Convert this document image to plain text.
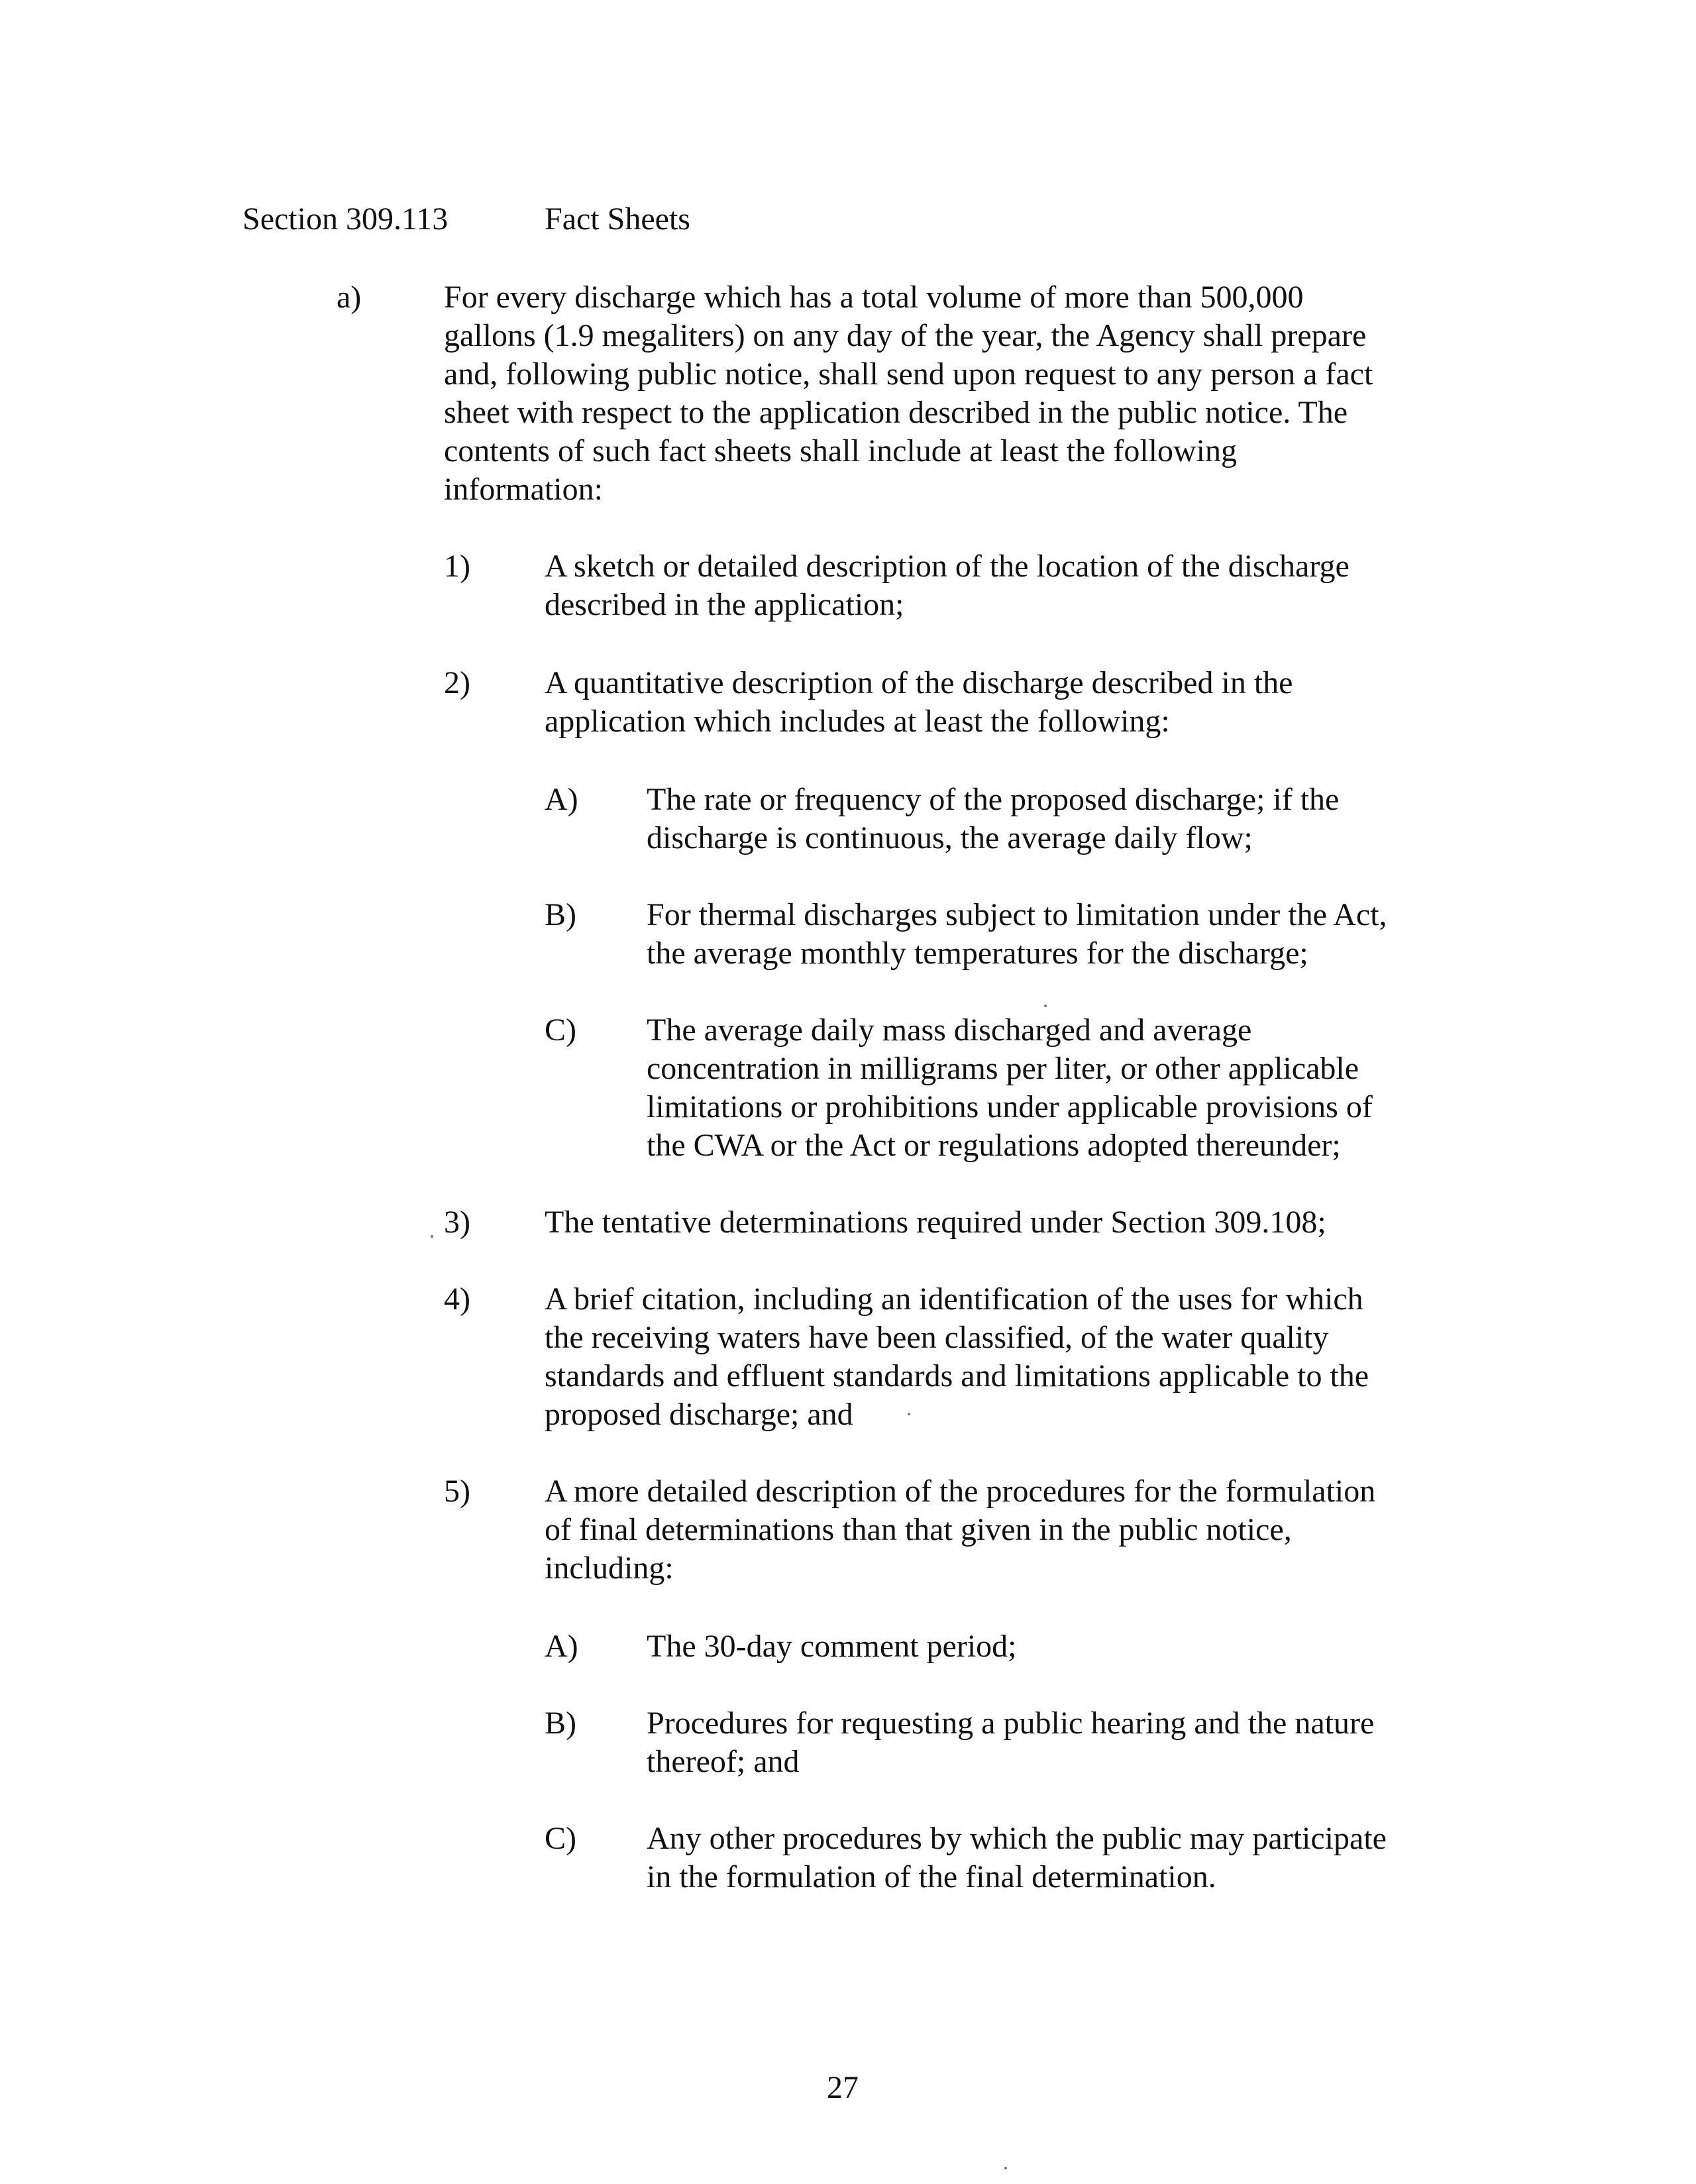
Section 309.113	Fact Sheets
a)	For every discharge which has a total volume of more than 500,000
gallons (1.9 megaliters) on any day of the year, the Agency shall prepare
and, following public notice, shall send upon request to any person a fact
sheet with respect to the application described in the public notice. The
contents of such fact sheets shall include at least the following
information:
1) A sketch or detailed description of the location of the discharge
described in the application;
2) A quantitative description of the discharge described in the
application which includes at least the following:
A) The rate or frequency of the proposed discharge; if the
discharge is continuous, the average daily flow;
B) For thermal discharges subject to limitation under the Act,
the average monthly temperatures for the discharge;
C) The average daily mass discharged and average
concentration in milligrams per liter, or other applicable
limitations or prohibitions under applicable provisions of
the CWA or the Act or regulations adopted thereunder;
3) The tentative determinations required under Section 309.108;
4) A brief citation, including an identification of the uses for which
the receiving waters have been classified, of the water quality
standards and effluent standards and limitations applicable to the
proposed discharge; and
5) A more detailed description of the procedures for the formulation
of final determinations than that given in the public notice,
including:
A) The 30-day comment period;
B) Procedures for requesting a public hearing and the nature
thereof; and
C) Any other procedures by which the public may participate
in the formulation of the final determination.
27
